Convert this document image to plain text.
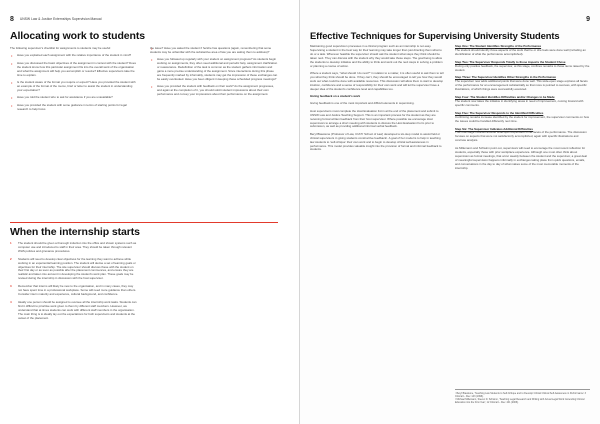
8 UNSW Law & Justice Externships Supervision Manual
Allocating work to students

The following supervisor's checklist for assignments to students may be useful:

• Have you explained each assignment with the relative importance of the student in mind?
• Have you discussed the basic objectives of the assignment in context with the student? Does the student know how this particular assignment fits into the overall work of the organisation and what the assignment will help you accomplish or resolve? Effective supervisors take the time to explain.
• Is the student aware of the format you require or expect? Have you provided the student with an example of the format of the memo, brief or letter to assist the student in understanding your expectation?
• Have you told the student who to ask for assistance if you are unavailable?
• Have you provided the student with some guidance in terms of starting points for legal research to help focus
• the issue? Have you asked the student if he/she has questions (again, remembering that some students may be unfamiliar with the substantive area of law you are asking them to address)?
• Have you followed up regularly with your student on assignment progress? As students begin working on assignments, they often need additional and periodic help, assignment clarification or reassurance. Redefinition of the task is common as the student gathers information and gains a more precise understanding of the assignment. Since interactions during this phase are frequently marked by informality, students may get the impression of these exchanges can be easily overlooked. Have you been diligent in keeping these scheduled progress meetings?
• Have you provided the student with feedback on their work? As the assignment progresses, and again at the completion of it, you should solicit student impressions about their own performance and convey your impressions about their performance on the assignment.
When the internship starts
1 The student should be given a thorough induction into the office and shown systems such as computer use and introduced to staff in their area. They should be taken through relevant WHS policies and grievance procedures.
2 Students will need to develop clear objectives for the learning they want to achieve while working in an experiential learning position. The student will devise a set of learning goals or objectives for their internship. The site supervisor should discuss these with the student on their first day or as soon as possible after the placement commences, and ensure they are realistic and taken into account in developing the student's work plan. These goals may be revised during the internship in discussion with the host supervisor.
3 Remember that interns will likely be new to the organisation, and in many cases, they may not have spent time in a professional workplace. Some will need more guidance than others. Consider intern maturity and experience, cultural background, and confidence.
4 Ideally one person should be assigned to oversee all the internship work tasks. Students can find it difficult to prioritise work given to them by different staff members. However, we understand that at times students can work with different staff members in the organisation. The main thing is to ideally lay out the expectations for both supervisors and students at the outset of the placement.
9
Effective Techniques for Supervising University Students

Maintaining good supervision processes in a clinical program such as an internship is not easy. Supervising a student in the best way for their learning may take longer than just directing them what to do or a task. Wherever feasible the supervisor should ask the student what steps they think should be taken next. They can discuss with the student why they would take those steps. The goal being to allow the students to develop initiative and the ability to think and work out the next steps in solving a problem or planning a course of action.

Where a student says, "what should I do next?" in relation to a matter, it is often useful to ask them to tell you what they think should be done. If they can't, they should be encouraged to tell you how they would work out what could be done with available resources. This discussion will allow them to start to develop intuition, confidence and a sense of responsibility for their own work and will let the supervisor have a deeper idea of the student's confidence level and capabilities too.

Giving feedback on a student's work

Giving feedback is one of the most important and difficult elements in supervising.

Host supervisors must complete the Host Evaluation Form at the end of the placement and submit to UNSW Law and Justice Teaching Support. This is an important process for the student as they are receiving formal written feedback from their host supervisor. Where possible we encourage Host supervisors to arrange a short meeting with students to discuss the Host Evaluation Form prior to submission, as well as providing additional informal verbal feedback.

Beryl Blaustone (Professor of Law, CUNY School of Law) developed a six-step model to assist field or clinical supervisors in giving students constructive feedback¹. A goal of her model is to help in teaching law students to 'self-critique' their own work and to begin to develop critical self-awareness in performance. This model provides valuable insight into the provision of formal and informal feedback to students.

Step One: The Student Identifies Strengths of the Performance
The student should identify those aspects of the work that he or she feels were done well (including an identification of what the performance accomplished).
Step Two: The Supervisor Responds Totally to those Aspects the Student Chose
During only positive feedback, the supervisor, at this stage, confines remarks to those items raised by the student.
Step Three: The Supervisor Identifies Other Strengths in the Performance
The supervisor now adds additional points that were done well. This wide-open stage explores all facets of the performance for an encouragement substantially so that more is pointed to success, with specific illustrations, of which things were successfully executed.
Step Four: The Student Identifies Difficulties and/or Changes to be Made
The student now takes the initiative in identifying areas in need of improvement, coming forward with specific comments.
Step Five: The Supervisor Responds to the Identified Difficulties
Confirming remarks increase identified by the student for improvement, the supervisor comments on how the issues could be handled differently next time.
Step Six: The Supervisor Indicates Additional Difficulties
This final stage involves another wide-open exploration of all facets of the performance. The discussion focuses on aspects that were not satisfactorily accomplished, again with specific illustrations and concrete analysis.

As Millemann and Schwinn point out, supervisors will need to encourage the most recent reflection for students, especially those with prior workplace experience. Although one must often think about supervision as formal meetings, that occur weekly between the student and the supervisor, a great deal of meaningful supervision happens informally in exchanges taking place from quick questions, emails, and conversations in the day to day of what makes some of the most memorable moments of the internship.

¹ Beryl Blaustone, 'Teaching Law Students to Self-Critique and to Develop Critical Clinical Self-Awareness in Performance' 3 Clinical L. Rev. 143 (1996).
² Michael Millemann, Steven D. Schwinn, 'Teaching Legal Research and Writing with Actual Legal Work: Extending Clinical Education into the First Year', 12 Clinical L. Rev. 441 (2006).
